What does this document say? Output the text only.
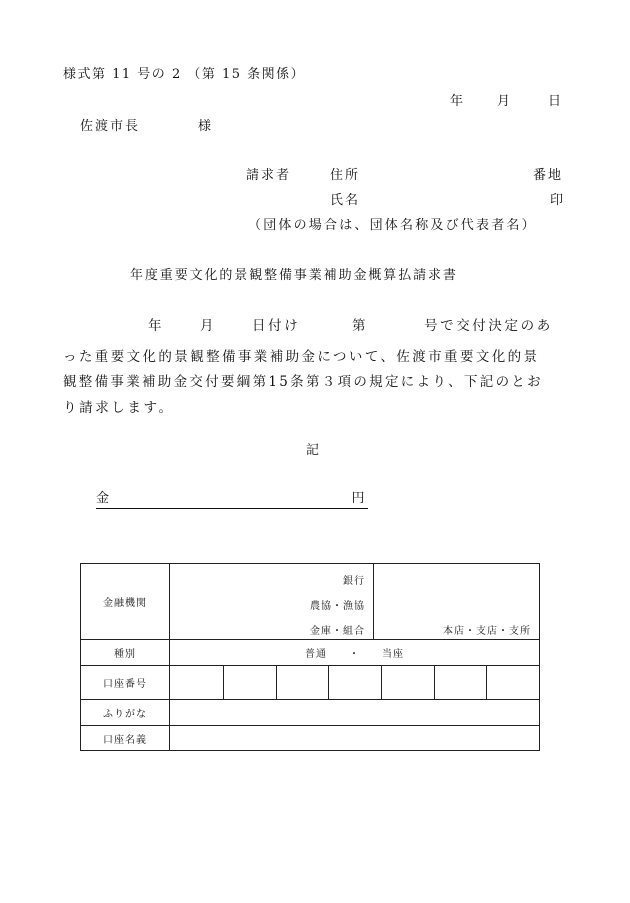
様式第 11 号の 2 （第 15 条関係）
年 月	日
佐渡市長	様
請求者	住所	番地
氏名	印
（団体の場合は、団体名称及び代表者名）
年度重要文化的景観整備事業補助金概算払請求書
年	月	日付け	第	号で交付決定のあ
った重要文化的景観整備事業補助金について、佐渡市重要文化的景
観整備事業補助金交付要綱第15条第３項の規定により、下記のとお
り請求します。
記
金	円
金融機関	銀行
農協・漁協
金庫・組合	本店・支店・支所

種別	普通　　・　　当座	
口座番号		

ふりがな		
口座名義		
